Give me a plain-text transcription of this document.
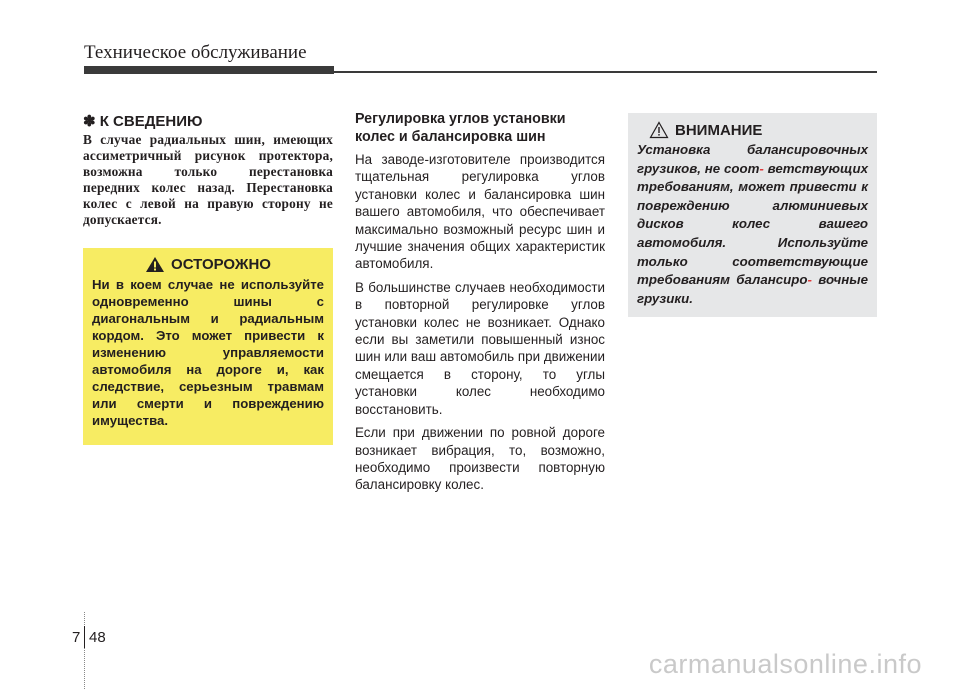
Техническое обслуживание
✽ К СВЕДЕНИЮ

В случае радиальных шин, имеющих ассиметричный рисунок протектора, возможна только перестановка передних колес назад. Перестановка колес с левой на правую сторону не допускается.

ОСТОРОЖНО

Ни в коем случае не используйте одновременно шины с диагональным и радиальным кордом. Это может привести к изменению управляемости автомобиля на дороге и, как следствие, серьезным травмам или смерти и повреждению имущества.

Регулировка углов установки колес и балансировка шин

На заводе-изготовителе производится тщательная регулировка углов установки колес и балансировка шин вашего автомобиля, что обеспечивает максимально возможный ресурс шин и лучшие значения общих характеристик автомобиля.

В большинстве случаев необходимости в повторной регулировке углов установки колес не возникает. Однако если вы заметили повышенный износ шин или ваш автомобиль при движении смещается в сторону, то углы установки колес необходимо восстановить.

Если при движении по ровной дороге возникает вибрация, то, возможно, необходимо произвести повторную балансировку колес.

ВНИМАНИЕ

Установка балансировочных грузиков, не соот- ветствующих требованиям, может привести к повреждению алюминиевых дисков колес вашего автомобиля. Используйте только соответствующие требованиям балансиро- вочные грузики.

7 48
carmanualsonline.info
